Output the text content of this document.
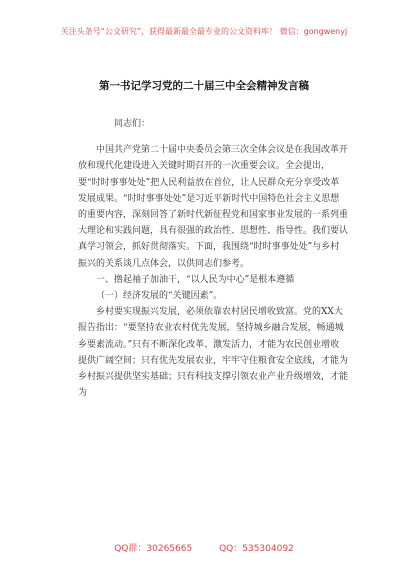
关注头条号“公文研究”，获得最新最全最专业的公文资料库！ 微信：gongwenyj
第一书记学习党的二十届三中全会精神发言稿

同志们：

中国共产党第二十届中央委员会第三次全体会议是在我国改革开放和现代化建设进入关键时期召开的一次重要会议。全会提出，要“时时事事处处”把人民利益放在首位，让人民群众充分享受改革发展成果。“时时事事处处”是习近平新时代中国特色社会主义思想的重要内容，深刻回答了新时代新征程党和国家事业发展的一系列重大理论和实践问题，具有很强的政治性、思想性、指导性。我们要认真学习领会，抓好贯彻落实。下面，我围绕“时时事事处处”与乡村振兴的关系谈几点体会，以供同志们参考。

一、撸起袖子加油干，“以人民为中心”是根本遵循

（一）经济发展的“关键因素”。

乡村要实现振兴发展，必须依靠农村居民增收致富。党的XX大报告指出：“要坚持农业农村优先发展，坚持城乡融合发展，畅通城乡要素流动。”只有不断深化改革、激发活力，才能为农民创业增收提供广阔空间；只有优先发展农业，牢牢守住粮食安全底线，才能为乡村振兴提供坚实基础；只有科技支撑引领农业产业升级增效，才能为

QQ群：30265665	QQ：535304092
